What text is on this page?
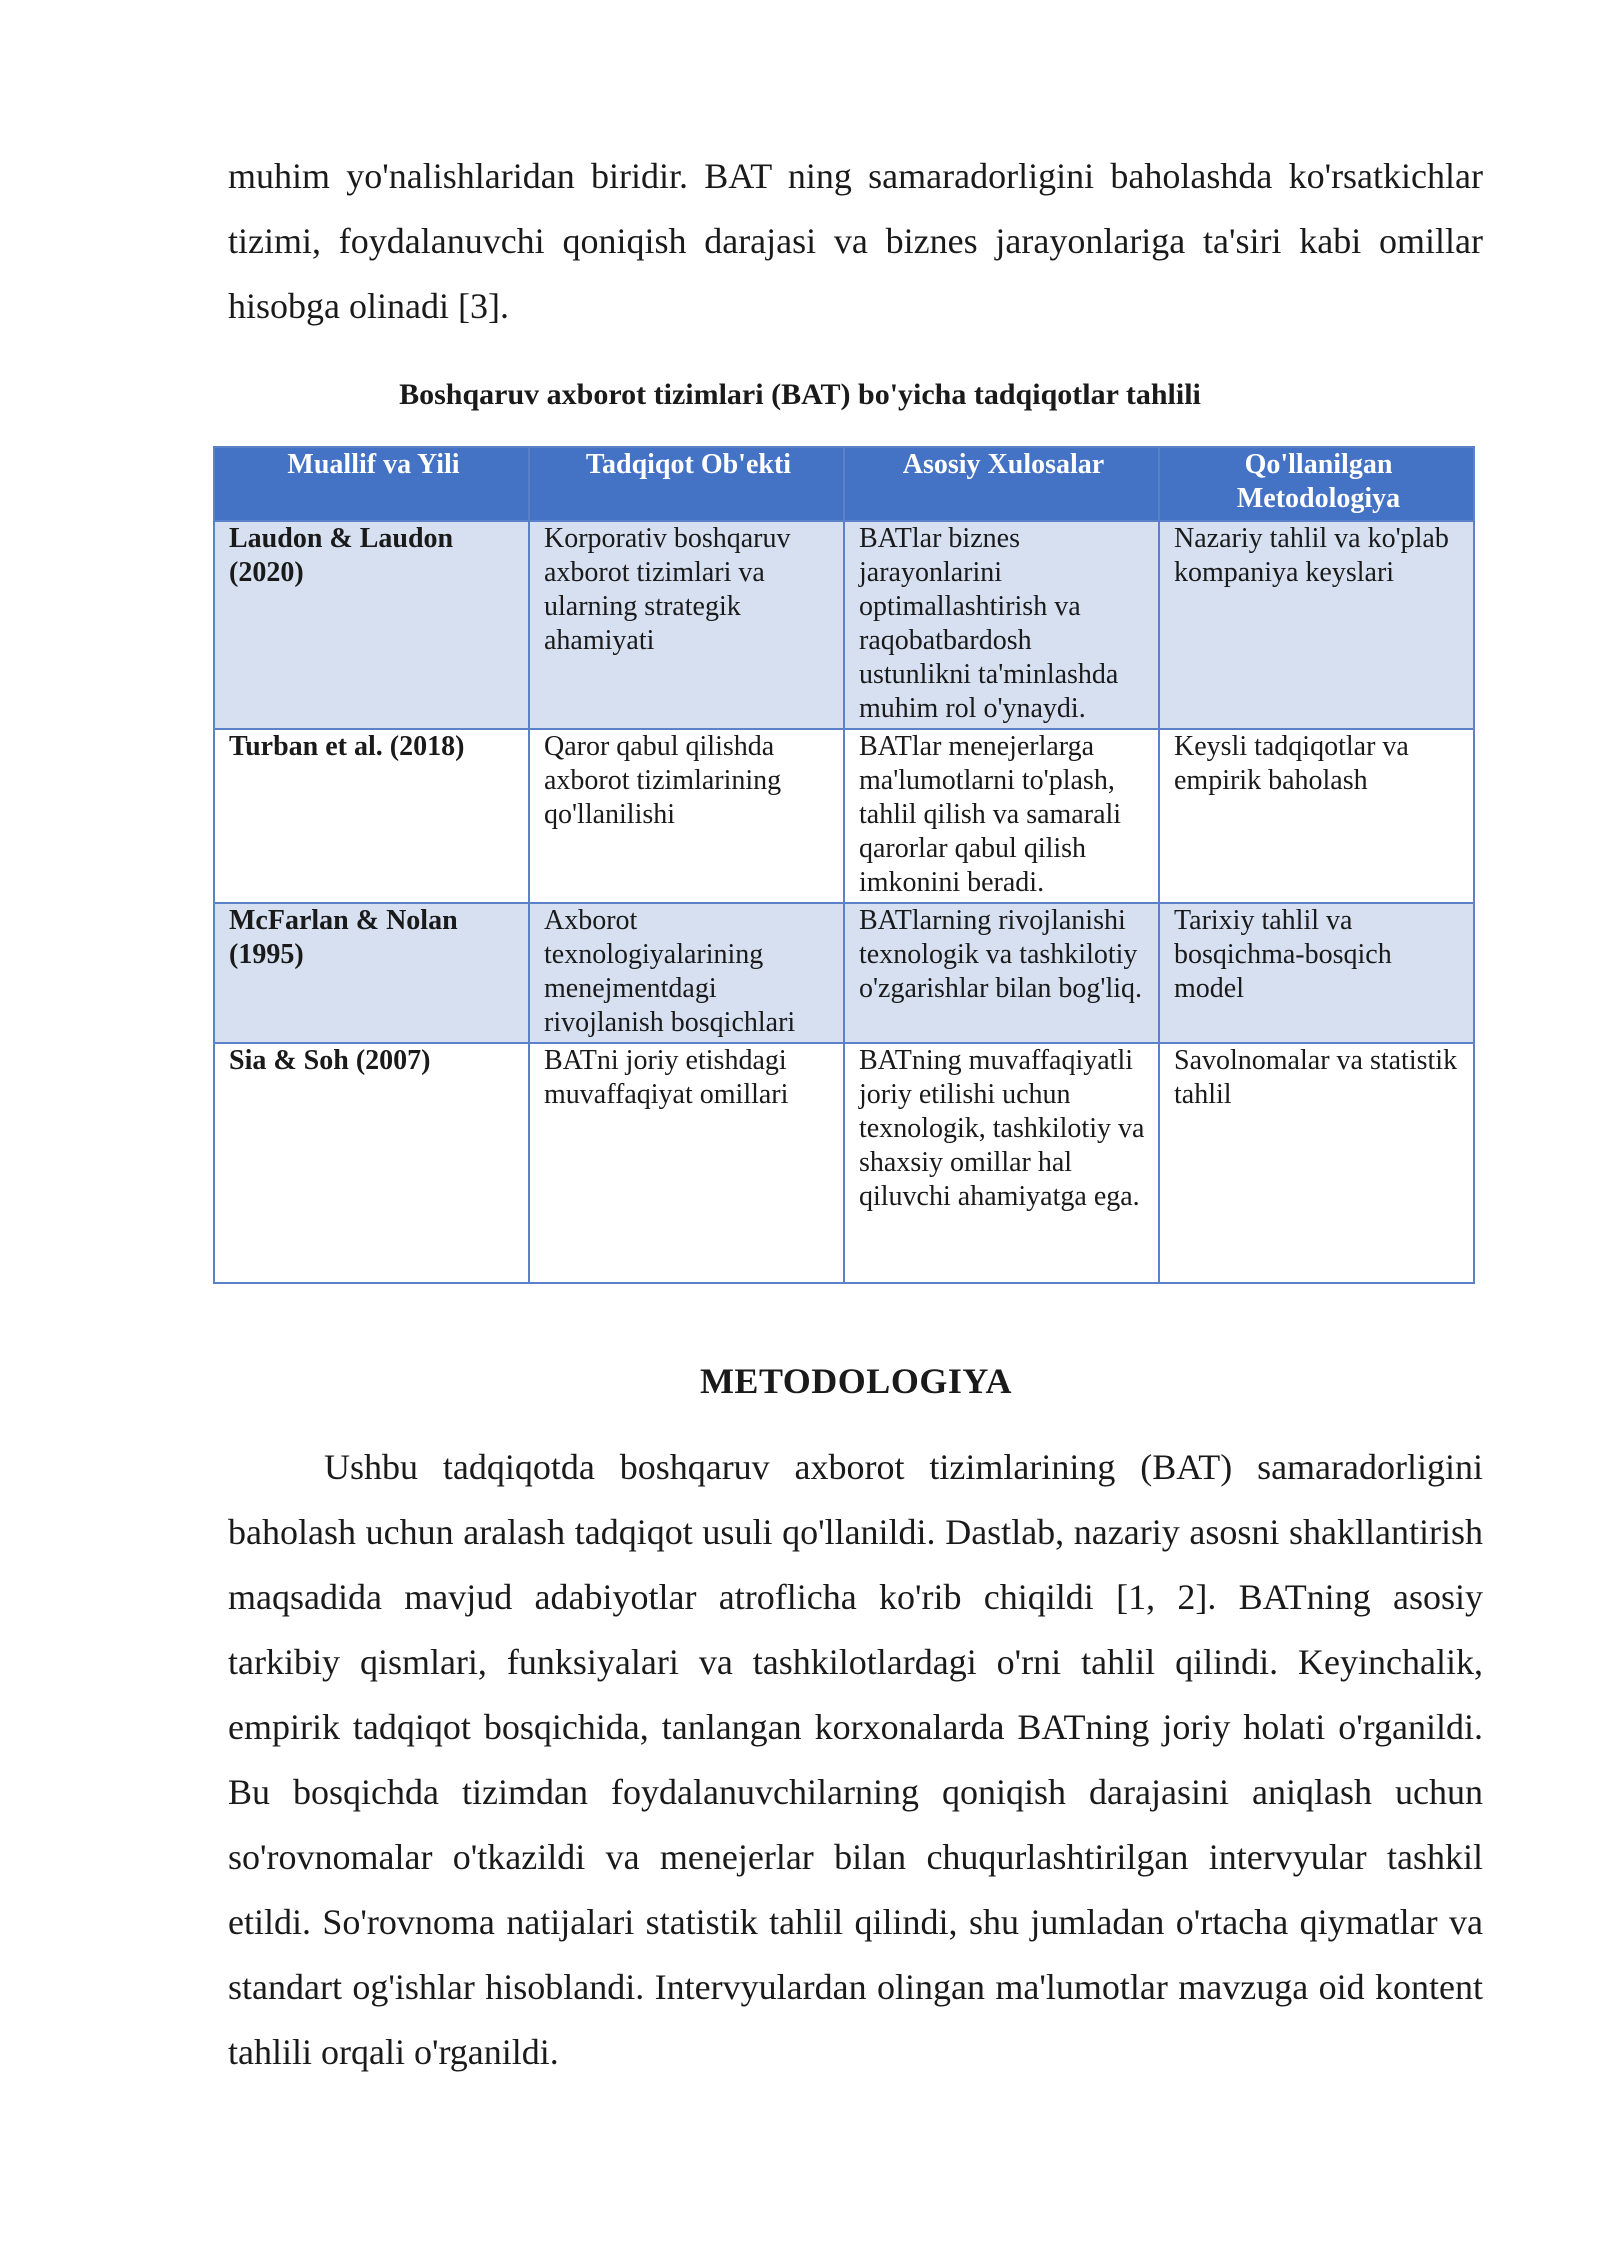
muhim yo'nalishlaridan biridir. BAT ning samaradorligini baholashda ko'rsatkichlar tizimi, foydalanuvchi qoniqish darajasi va biznes jarayonlariga ta'siri kabi omillar hisobga olinadi [3].

Boshqaruv axborot tizimlari (BAT) bo'yicha tadqiqotlar tahlili

Muallif va Yili	Tadqiqot Ob'ekti	Asosiy Xulosalar	Qo'llanilgan Metodologiya
Laudon & Laudon (2020)	Korporativ boshqaruv axborot tizimlari va ularning strategik ahamiyati	BATlar biznes jarayonlarini optimallashtirish va raqobatbardosh ustunlikni ta'minlashda muhim rol o'ynaydi.	Nazariy tahlil va ko'plab kompaniya keyslari
Turban et al. (2018)	Qaror qabul qilishda axborot tizimlarining qo'llanilishi	BATlar menejerlarga ma'lumotlarni to'plash, tahlil qilish va samarali qarorlar qabul qilish imkonini beradi.	Keysli tadqiqotlar va empirik baholash
McFarlan & Nolan (1995)	Axborot texnologiyalarining menejmentdagi rivojlanish bosqichlari	BATlarning rivojlanishi texnologik va tashkilotiy o'zgarishlar bilan bog'liq.	Tarixiy tahlil va bosqichma-bosqich model
Sia & Soh (2007)	BATni joriy etishdagi muvaffaqiyat omillari	BATning muvaffaqiyatli joriy etilishi uchun texnologik, tashkilotiy va shaxsiy omillar hal qiluvchi ahamiyatga ega.	Savolnomalar va statistik tahlil
METODOLOGIYA

Ushbu tadqiqotda boshqaruv axborot tizimlarining (BAT) samaradorligini baholash uchun aralash tadqiqot usuli qo'llanildi. Dastlab, nazariy asosni shakllantirish maqsadida mavjud adabiyotlar atroflicha ko'rib chiqildi [1, 2]. BATning asosiy tarkibiy qismlari, funksiyalari va tashkilotlardagi o'rni tahlil qilindi. Keyinchalik, empirik tadqiqot bosqichida, tanlangan korxonalarda BATning joriy holati o'rganildi. Bu bosqichda tizimdan foydalanuvchilarning qoniqish darajasini aniqlash uchun so'rovnomalar o'tkazildi va menejerlar bilan chuqurlashtirilgan intervyular tashkil etildi. So'rovnoma natijalari statistik tahlil qilindi, shu jumladan o'rtacha qiymatlar va standart og'ishlar hisoblandi. Intervyulardan olingan ma'lumotlar mavzuga oid kontent tahlili orqali o'rganildi.
